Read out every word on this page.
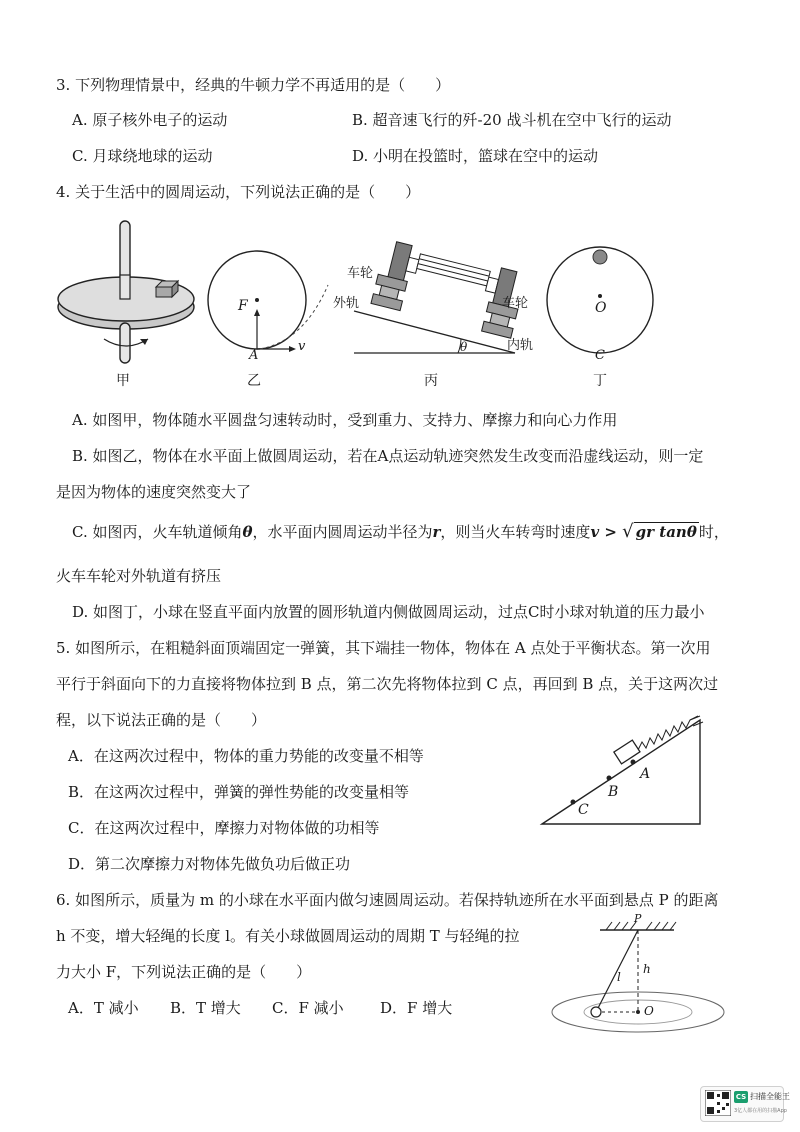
3. 下列物理情景中，经典的牛顿力学不再适用的是（　　）
A. 原子核外电子的运动	B. 超音速飞行的歼-20 战斗机在空中飞行的运动
C. 月球绕地球的运动	D. 小明在投篮时，篮球在空中的运动
4. 关于生活中的圆周运动，下列说法正确的是（　　）
甲
F
A
v
乙
车轮
外轨	车轮
内轨
θ
丙
O
C
丁
A. 如图甲，物体随水平圆盘匀速转动时，受到重力、支持力、摩擦力和向心力作用
B. 如图乙，物体在水平面上做圆周运动，若在A点运动轨迹突然发生改变而沿虚线运动，则一定
是因为物体的速度突然变大了
C. 如图丙，火车轨道倾角θ，水平面内圆周运动半径为r，则当火车转弯时速度v > √ gr tanθ 时，
火车车轮对外轨道有挤压
D. 如图丁，小球在竖直平面内放置的圆形轨道内侧做圆周运动，过点C时小球对轨道的压力最小
5. 如图所示，在粗糙斜面顶端固定一弹簧，其下端挂一物体，物体在 A 点处于平衡状态。第一次用
平行于斜面向下的力直接将物体拉到 B 点，第二次先将物体拉到 C 点，再回到 B 点，关于这两次过
程，以下说法正确的是（　　）
A．在这两次过程中，物体的重力势能的改变量不相等
B．在这两次过程中，弹簧的弹性势能的改变量相等
C．在这两次过程中，摩擦力对物体做的功相等
D．第二次摩擦力对物体先做负功后做正功
A
B
C
6. 如图所示，质量为 m 的小球在水平面内做匀速圆周运动。若保持轨迹所在水平面到悬点 P 的距离
h 不变，增大轻绳的长度 l。有关小球做圆周运动的周期 T 与轻绳的拉
力大小 F，下列说法正确的是（　　）
A．T 减小 B．T 增大 C．F 减小 D．F 增大
P
l
h
O
CS 扫描全能王
3亿人都在用的扫描App
